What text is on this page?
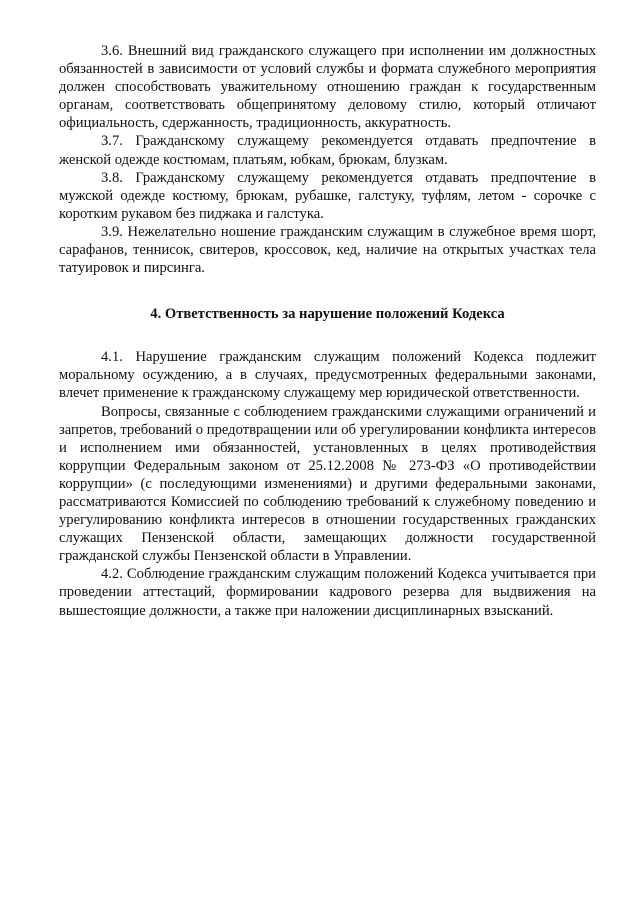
3.6. Внешний вид гражданского служащего при исполнении им должностных обязанностей в зависимости от условий службы и формата служебного мероприятия должен способствовать уважительному отношению граждан к государственным органам, соответствовать общепринятому деловому стилю, который отличают официальность, сдержанность, традиционность, аккуратность.

3.7. Гражданскому служащему рекомендуется отдавать предпочтение в женской одежде костюмам, платьям, юбкам, брюкам, блузкам.

3.8. Гражданскому служащему рекомендуется отдавать предпочтение в мужской одежде костюму, брюкам, рубашке, галстуку, туфлям, летом - сорочке с коротким рукавом без пиджака и галстука.

3.9. Нежелательно ношение гражданским служащим в служебное время шорт, сарафанов, теннисок, свитеров, кроссовок, кед, наличие на открытых участках тела татуировок и пирсинга.

4. Ответственность за нарушение положений Кодекса

4.1. Нарушение гражданским служащим положений Кодекса подлежит моральному осуждению, а в случаях, предусмотренных федеральными законами, влечет применение к гражданскому служащему мер юридической ответственности.

Вопросы, связанные с соблюдением гражданскими служащими ограничений и запретов, требований о предотвращении или об урегулировании конфликта интересов и исполнением ими обязанностей, установленных в целях противодействия коррупции Федеральным законом от 25.12.2008 № 273-ФЗ «О противодействии коррупции» (с последующими изменениями) и другими федеральными законами, рассматриваются Комиссией по соблюдению требований к служебному поведению и урегулированию конфликта интересов в отношении государственных гражданских служащих Пензенской области, замещающих должности государственной гражданской службы Пензенской области в Управлении.

4.2. Соблюдение гражданским служащим положений Кодекса учитывается при проведении аттестаций, формировании кадрового резерва для выдвижения на вышестоящие должности, а также при наложении дисциплинарных взысканий.
